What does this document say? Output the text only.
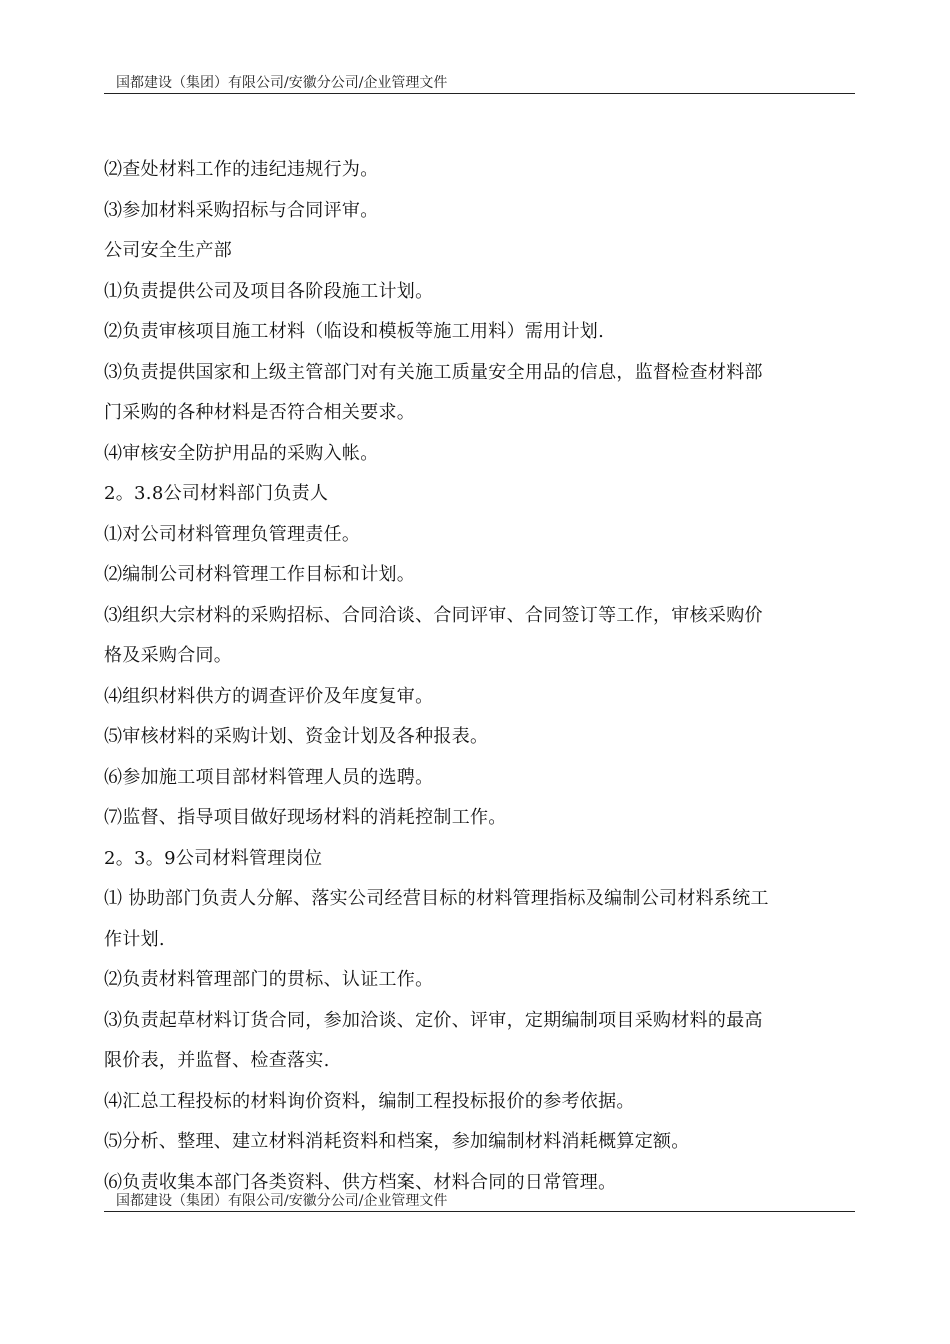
国都建设（集团）有限公司/安徽分公司/企业管理文件
⑵查处材料工作的违纪违规行为。
⑶参加材料采购招标与合同评审。
公司安全生产部
⑴负责提供公司及项目各阶段施工计划。
⑵负责审核项目施工材料（临设和模板等施工用料）需用计划.
⑶负责提供国家和上级主管部门对有关施工质量安全用品的信息，监督检查材料部
门采购的各种材料是否符合相关要求。
⑷审核安全防护用品的采购入帐。
2。3.8公司材料部门负责人
⑴对公司材料管理负管理责任。
⑵编制公司材料管理工作目标和计划。
⑶组织大宗材料的采购招标、合同洽谈、合同评审、合同签订等工作，审核采购价
格及采购合同。
⑷组织材料供方的调查评价及年度复审。
⑸审核材料的采购计划、资金计划及各种报表。
⑹参加施工项目部材料管理人员的选聘。
⑺监督、指导项目做好现场材料的消耗控制工作。
2。3。9公司材料管理岗位
⑴ 协助部门负责人分解、落实公司经营目标的材料管理指标及编制公司材料系统工
作计划.
⑵负责材料管理部门的贯标、认证工作。
⑶负责起草材料订货合同，参加洽谈、定价、评审，定期编制项目采购材料的最高
限价表，并监督、检查落实.
⑷汇总工程投标的材料询价资料，编制工程投标报价的参考依据。
⑸分析、整理、建立材料消耗资料和档案，参加编制材料消耗概算定额。
⑹负责收集本部门各类资料、供方档案、材料合同的日常管理。
国都建设（集团）有限公司/安徽分公司/企业管理文件
